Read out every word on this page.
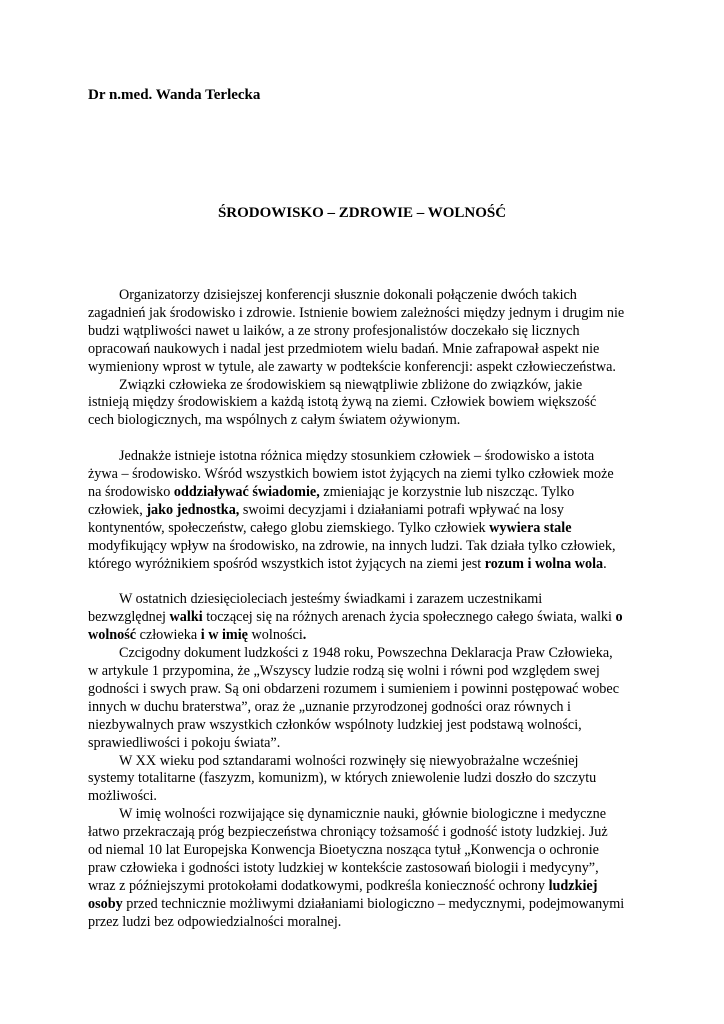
Dr n.med. Wanda Terlecka
ŚRODOWISKO – ZDROWIE – WOLNOŚĆ
Organizatorzy dzisiejszej konferencji słusznie dokonali połączenie dwóch takich
zagadnień jak środowisko i zdrowie. Istnienie bowiem zależności między jednym i drugim nie
budzi wątpliwości nawet u laików, a ze strony profesjonalistów doczekało się licznych
opracowań naukowych i nadal jest przedmiotem wielu badań. Mnie zafrapował aspekt nie
wymieniony wprost w tytule, ale zawarty w podtekście konferencji: aspekt człowieczeństwa.
Związki człowieka ze środowiskiem są niewątpliwie zbliżone do związków, jakie
istnieją między środowiskiem a każdą istotą żywą na ziemi. Człowiek bowiem większość
cech biologicznych, ma wspólnych z całym światem ożywionym.
Jednakże istnieje istotna różnica między stosunkiem człowiek – środowisko a istota
żywa – środowisko. Wśród wszystkich bowiem istot żyjących na ziemi tylko człowiek może
na środowisko oddziaływać świadomie, zmieniając je korzystnie lub niszcząc. Tylko
człowiek, jako jednostka, swoimi decyzjami i działaniami potrafi wpływać na losy
kontynentów, społeczeństw, całego globu ziemskiego. Tylko człowiek wywiera stale
modyfikujący wpływ na środowisko, na zdrowie, na innych ludzi. Tak działa tylko człowiek,
którego wyróżnikiem spośród wszystkich istot żyjących na ziemi jest rozum i wolna wola.
W ostatnich dziesięcioleciach jesteśmy świadkami i zarazem uczestnikami
bezwzględnej walki toczącej się na różnych arenach życia społecznego całego świata, walki o
wolność człowieka i w imię wolności.
Czcigodny dokument ludzkości z 1948 roku, Powszechna Deklaracja Praw Człowieka,
w artykule 1 przypomina, że „Wszyscy ludzie rodzą się wolni i równi pod względem swej
godności i swych praw. Są oni obdarzeni rozumem i sumieniem i powinni postępować wobec
innych w duchu braterstwa”, oraz że „uznanie przyrodzonej godności oraz równych i
niezbywalnych praw wszystkich członków wspólnoty ludzkiej jest podstawą wolności,
sprawiedliwości i pokoju świata”.
W XX wieku pod sztandarami wolności rozwinęły się niewyobrażalne wcześniej
systemy totalitarne (faszyzm, komunizm), w których zniewolenie ludzi doszło do szczytu
możliwości.
W imię wolności rozwijające się dynamicznie nauki, głównie biologiczne i medyczne
łatwo przekraczają próg bezpieczeństwa chroniący tożsamość i godność istoty ludzkiej. Już
od niemal 10 lat Europejska Konwencja Bioetyczna nosząca tytuł „Konwencja o ochronie
praw człowieka i godności istoty ludzkiej w kontekście zastosowań biologii i medycyny”,
wraz z późniejszymi protokołami dodatkowymi, podkreśla konieczność ochrony ludzkiej
osoby przed technicznie możliwymi działaniami biologiczno – medycznymi, podejmowanymi
przez ludzi bez odpowiedzialności moralnej.
